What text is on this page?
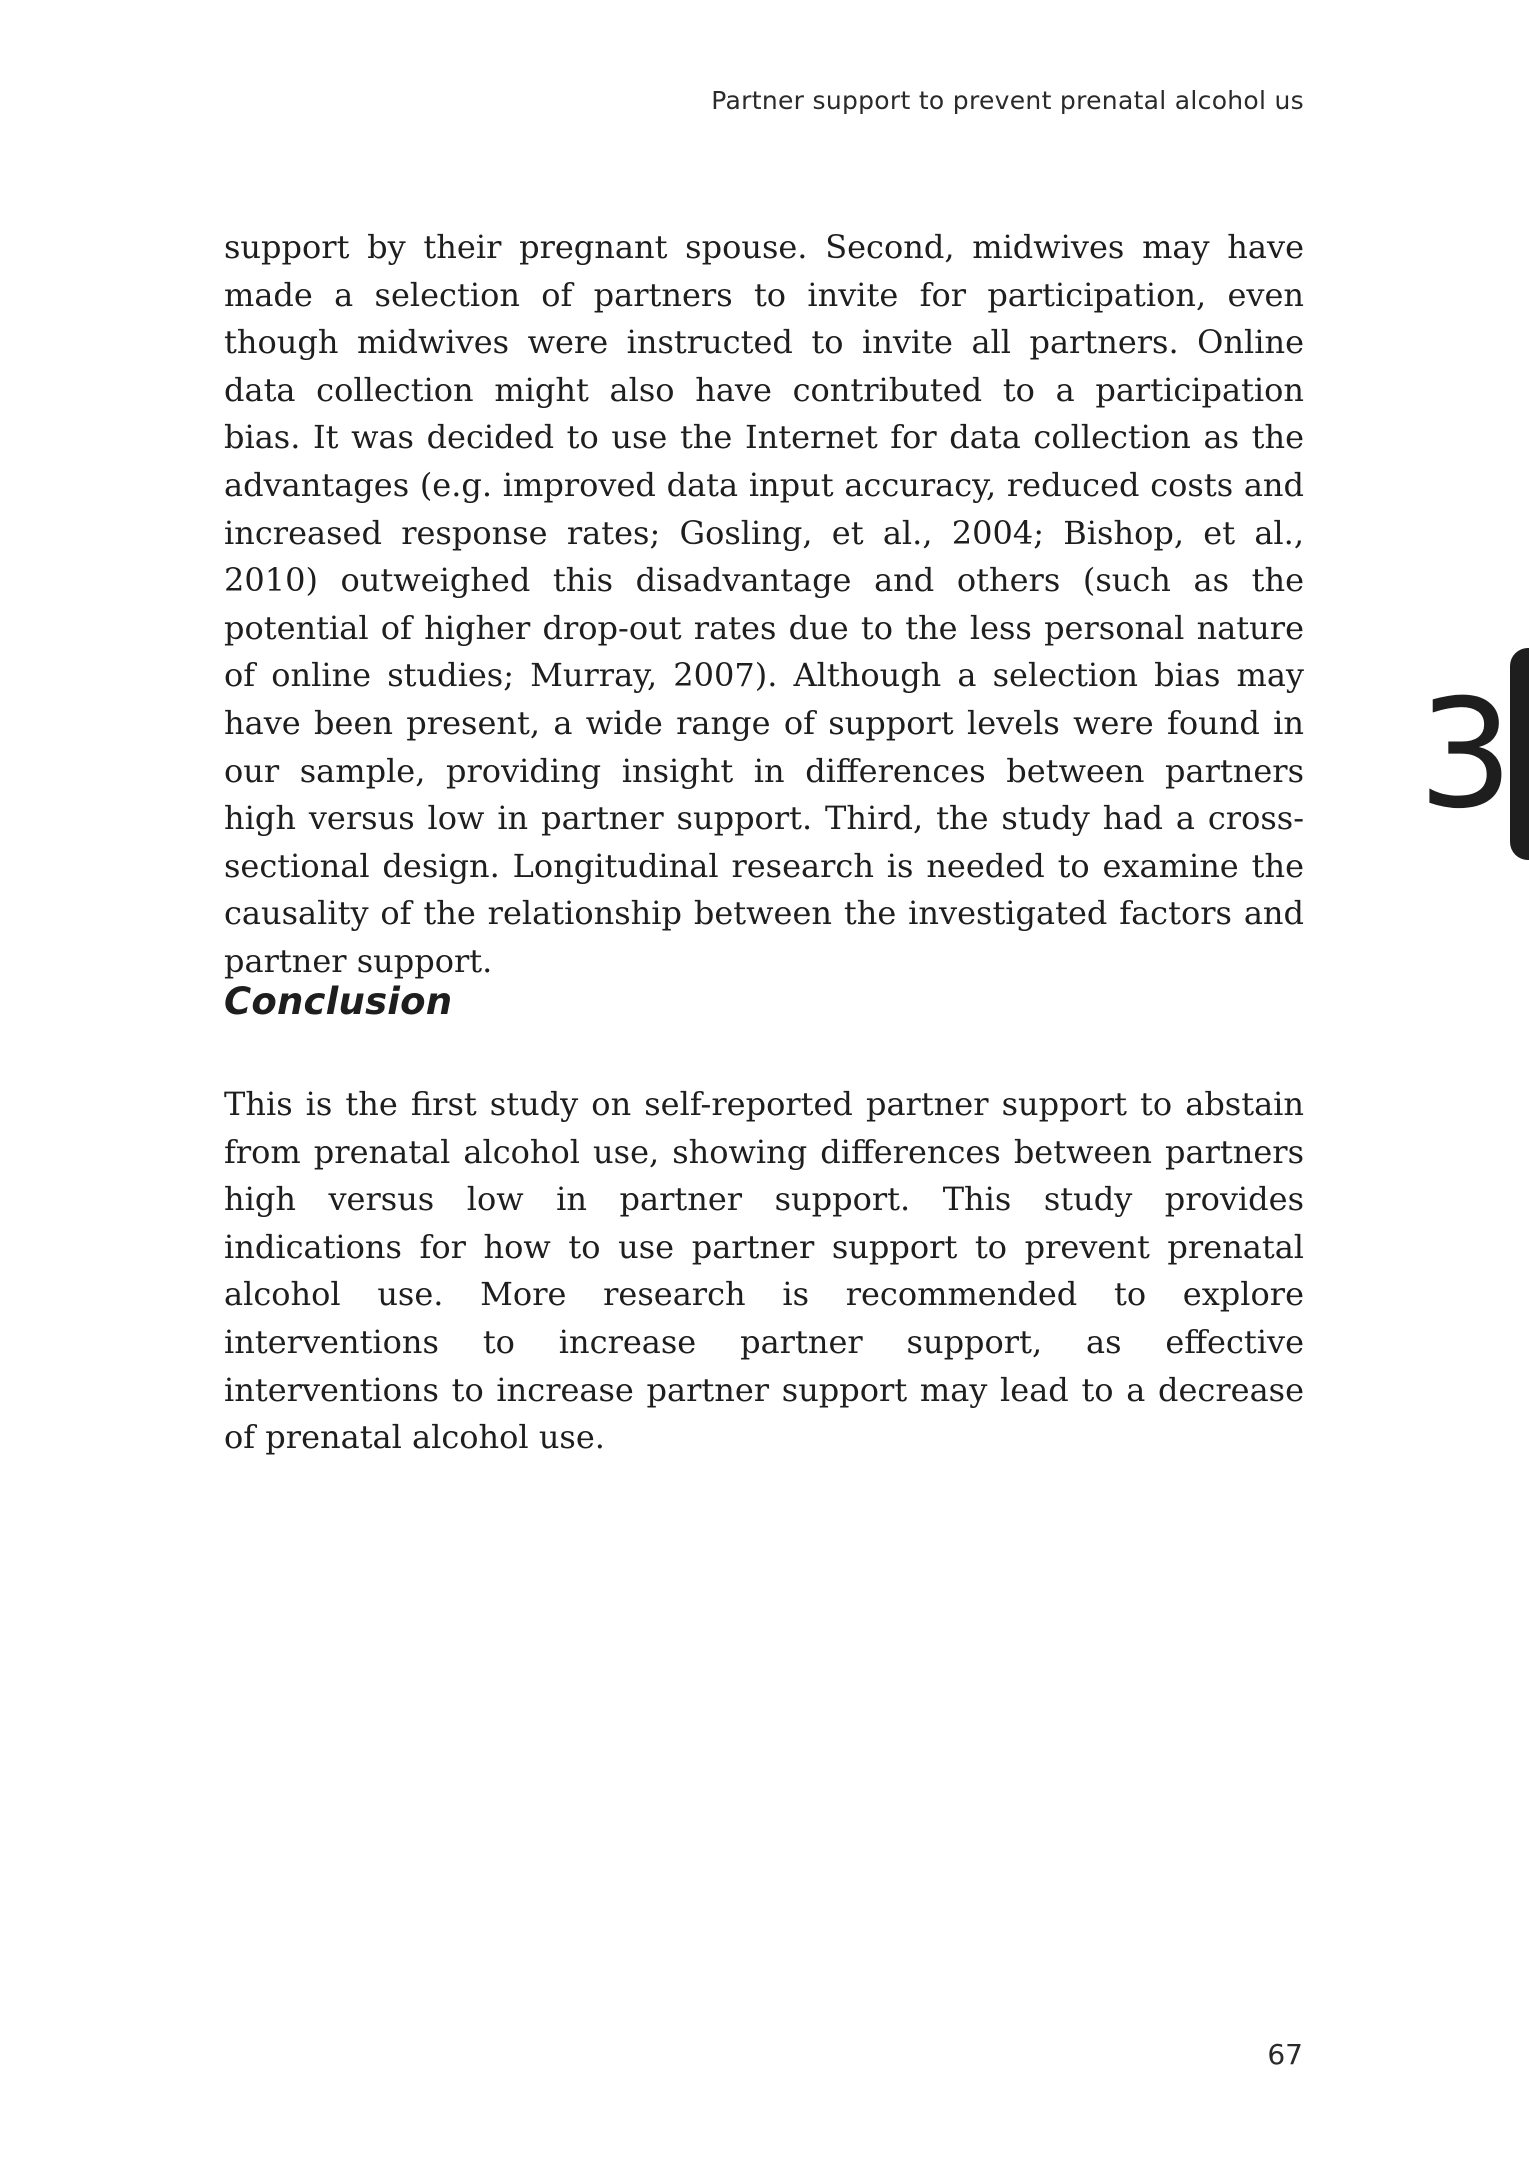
Partner support to prevent prenatal alcohol us

support by their pregnant spouse. Second, midwives may have made a selection of partners to invite for participation, even though midwives were instructed to invite all partners. Online data collection might also have contributed to a participation bias. It was decided to use the Internet for data collection as the advantages (e.g. improved data input accuracy, reduced costs and increased response rates; Gosling, et al., 2004; Bishop, et al., 2010) outweighed this disadvantage and others (such as the potential of higher drop-out rates due to the less personal nature of online studies; Murray, 2007). Although a selection bias may have been present, a wide range of support levels were found in our sample, providing insight in differences between partners high versus low in partner support. Third, the study had a cross-sectional design. Longitudinal research is needed to examine the causality of the relationship between the investigated factors and partner support.

Conclusion

This is the first study on self-reported partner support to abstain from prenatal alcohol use, showing differences between partners high versus low in partner support. This study provides indications for how to use partner support to prevent prenatal alcohol use. More research is recommended to explore interventions to increase partner support, as effective interventions to increase partner support may lead to a decrease of prenatal alcohol use.

3
67
